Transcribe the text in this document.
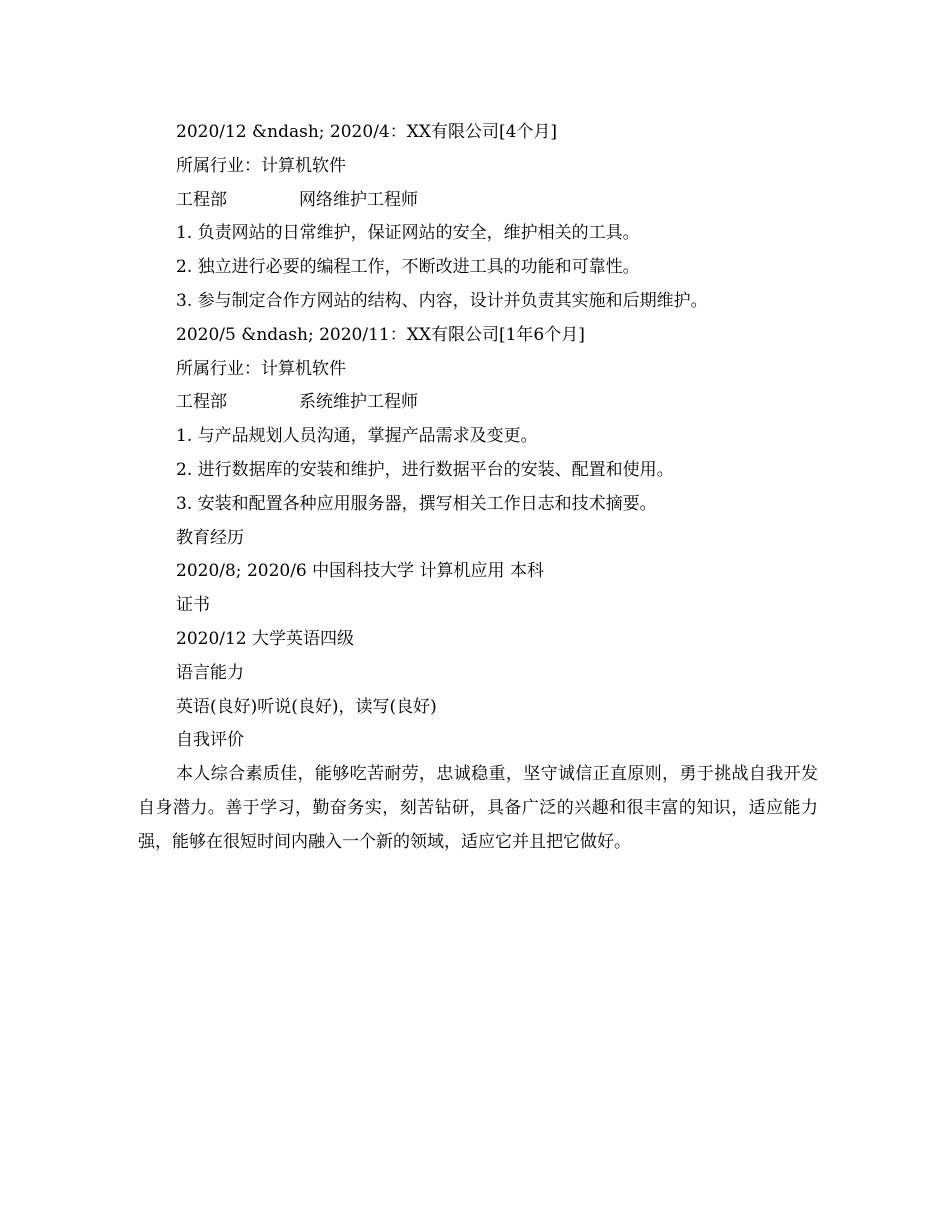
2020/12 &ndash; 2020/4：XX有限公司[4个月]
所属行业：计算机软件
工程部	网络维护工程师
1. 负责网站的日常维护，保证网站的安全，维护相关的工具。
2. 独立进行必要的编程工作，不断改进工具的功能和可靠性。
3. 参与制定合作方网站的结构、内容，设计并负责其实施和后期维护。
2020/5 &ndash; 2020/11：XX有限公司[1年6个月]
所属行业：计算机软件
工程部	系统维护工程师
1. 与产品规划人员沟通，掌握产品需求及变更。
2. 进行数据库的安装和维护，进行数据平台的安装、配置和使用。
3. 安装和配置各种应用服务器，撰写相关工作日志和技术摘要。
教育经历
2020/8; 2020/6 中国科技大学 计算机应用 本科
证书
2020/12 大学英语四级
语言能力
英语(良好)听说(良好)，读写(良好)
自我评价

本人综合素质佳，能够吃苦耐劳，忠诚稳重，坚守诚信正直原则，勇于挑战自我开发自身潜力。善于学习，勤奋务实，刻苦钻研，具备广泛的兴趣和很丰富的知识，适应能力强，能够在很短时间内融入一个新的领域，适应它并且把它做好。
